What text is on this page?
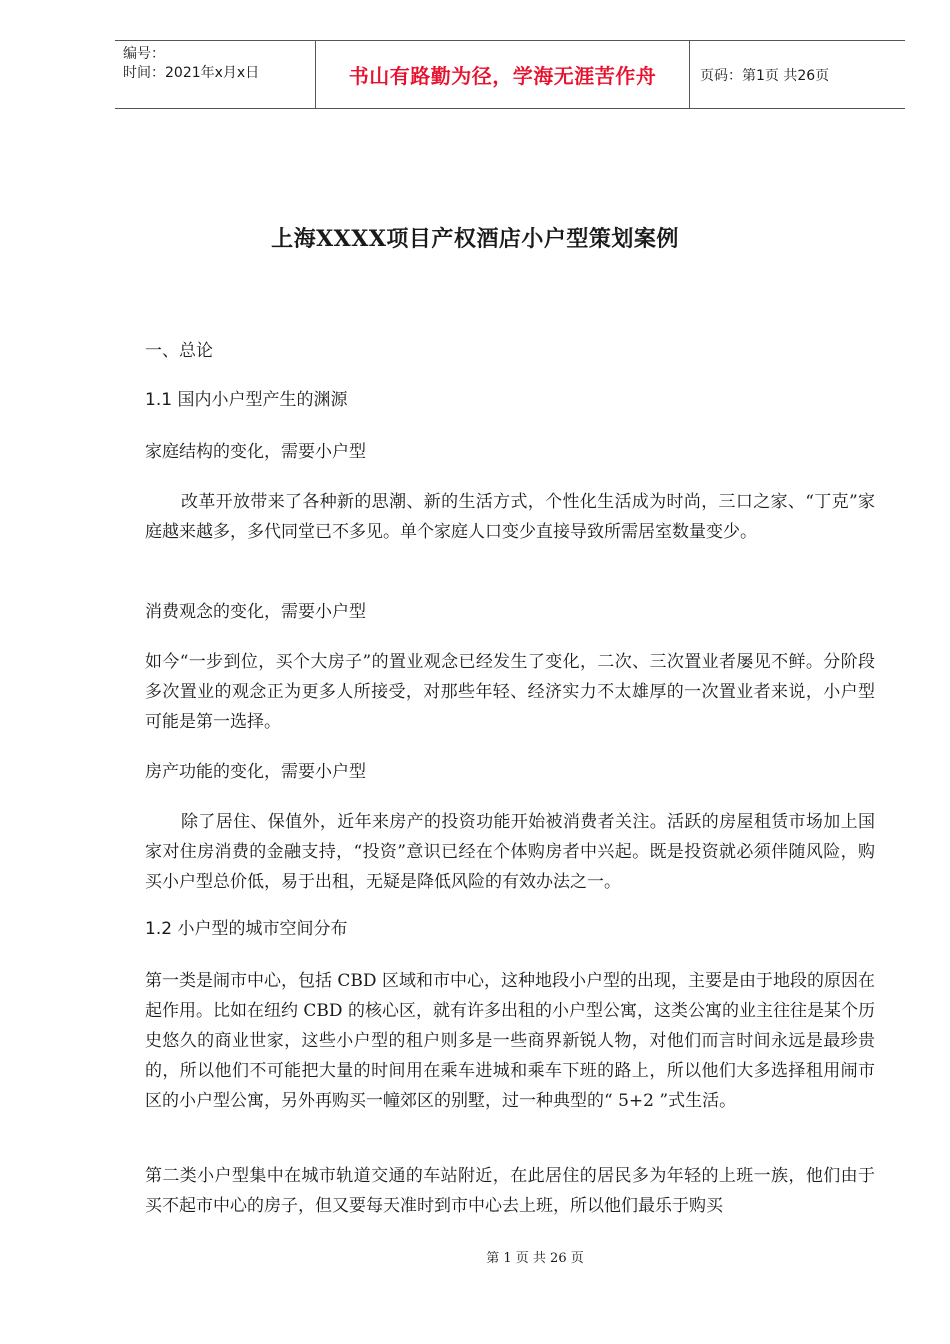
编号：
时间：2021年x月x日	书山有路勤为径，学海无涯苦作舟	页码：第1页 共26页
上海XXXX项目产权酒店小户型策划案例

一、总论

1.1 国内小户型产生的渊源

家庭结构的变化，需要小户型

改革开放带来了各种新的思潮、新的生活方式，个性化生活成为时尚，三口之家、“丁克”家庭越来越多，多代同堂已不多见。单个家庭人口变少直接导致所需居室数量变少。

消费观念的变化，需要小户型

如今“一步到位，买个大房子”的置业观念已经发生了变化，二次、三次置业者屡见不鲜。分阶段多次置业的观念正为更多人所接受，对那些年轻、经济实力不太雄厚的一次置业者来说，小户型可能是第一选择。

房产功能的变化，需要小户型

除了居住、保值外，近年来房产的投资功能开始被消费者关注。活跃的房屋租赁市场加上国家对住房消费的金融支持，“投资”意识已经在个体购房者中兴起。既是投资就必须伴随风险，购买小户型总价低，易于出租，无疑是降低风险的有效办法之一。

1.2 小户型的城市空间分布

第一类是闹市中心，包括 CBD 区域和市中心，这种地段小户型的出现，主要是由于地段的原因在起作用。比如在纽约 CBD 的核心区，就有许多出租的小户型公寓，这类公寓的业主往往是某个历史悠久的商业世家，这些小户型的租户则多是一些商界新锐人物，对他们而言时间永远是最珍贵的，所以他们不可能把大量的时间用在乘车进城和乘车下班的路上，所以他们大多选择租用闹市区的小户型公寓，另外再购买一幢郊区的别墅，过一种典型的“ 5+2 ”式生活。

第二类小户型集中在城市轨道交通的车站附近，在此居住的居民多为年轻的上班一族，他们由于买不起市中心的房子，但又要每天准时到市中心去上班，所以他们最乐于购买

第 1 页 共 26 页
